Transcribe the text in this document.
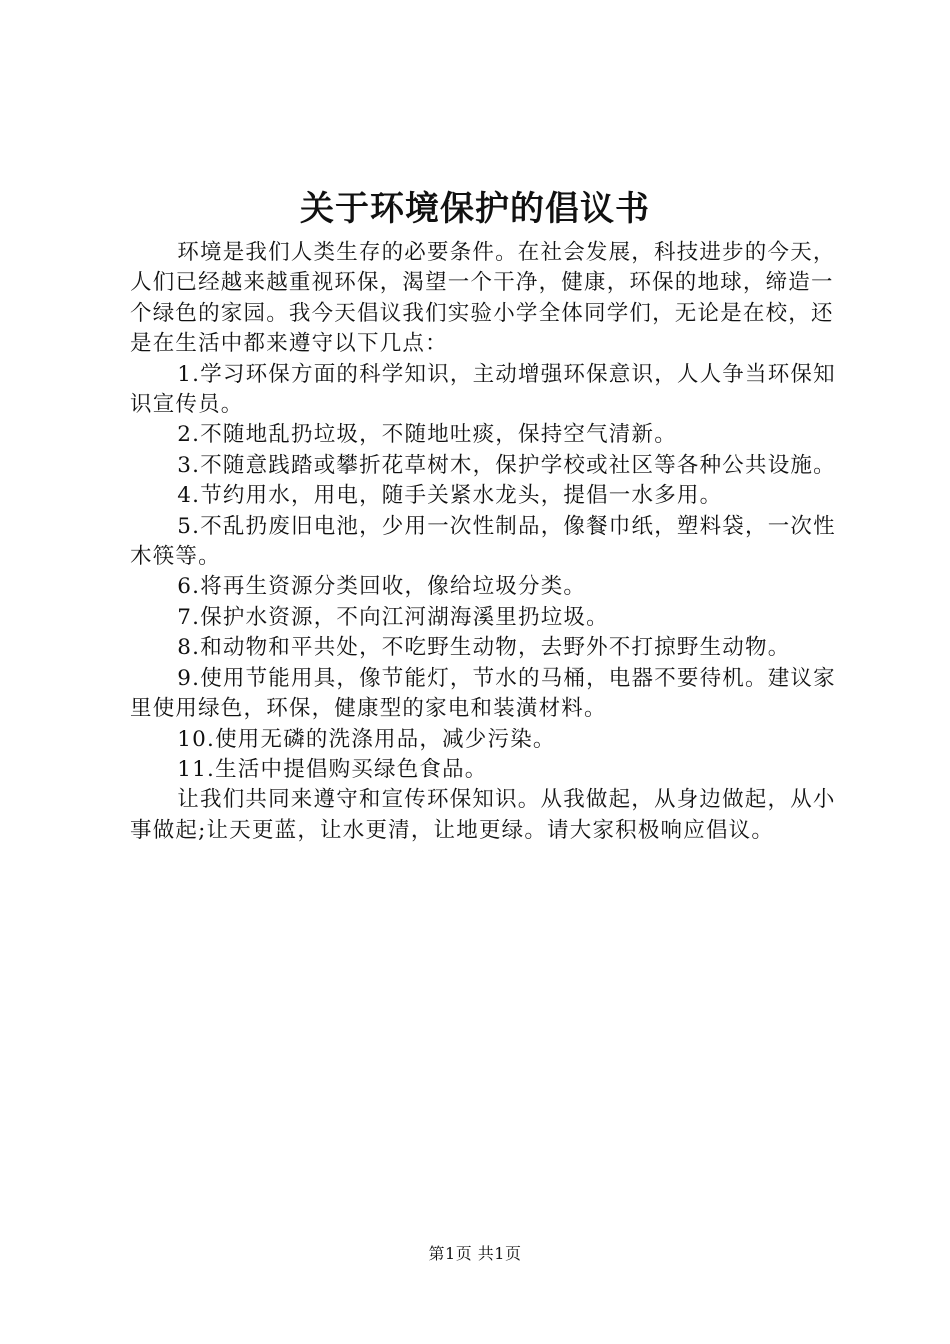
关于环境保护的倡议书

环境是我们人类生存的必要条件。在社会发展，科技进步的今天，人们已经越来越重视环保，渴望一个干净，健康，环保的地球，缔造一个绿色的家园。我今天倡议我们实验小学全体同学们，无论是在校，还是在生活中都来遵守以下几点：

1.学习环保方面的科学知识，主动增强环保意识，人人争当环保知识宣传员。

2.不随地乱扔垃圾，不随地吐痰，保持空气清新。

3.不随意践踏或攀折花草树木，保护学校或社区等各种公共设施。

4.节约用水，用电，随手关紧水龙头，提倡一水多用。

5.不乱扔废旧电池，少用一次性制品，像餐巾纸，塑料袋，一次性木筷等。

6.将再生资源分类回收，像给垃圾分类。

7.保护水资源，不向江河湖海溪里扔垃圾。

8.和动物和平共处，不吃野生动物，去野外不打掠野生动物。

9.使用节能用具，像节能灯，节水的马桶，电器不要待机。建议家里使用绿色，环保，健康型的家电和装潢材料。

10.使用无磷的洗涤用品，减少污染。

11.生活中提倡购买绿色食品。

让我们共同来遵守和宣传环保知识。从我做起，从身边做起，从小事做起;让天更蓝，让水更清，让地更绿。请大家积极响应倡议。

第1页 共1页
